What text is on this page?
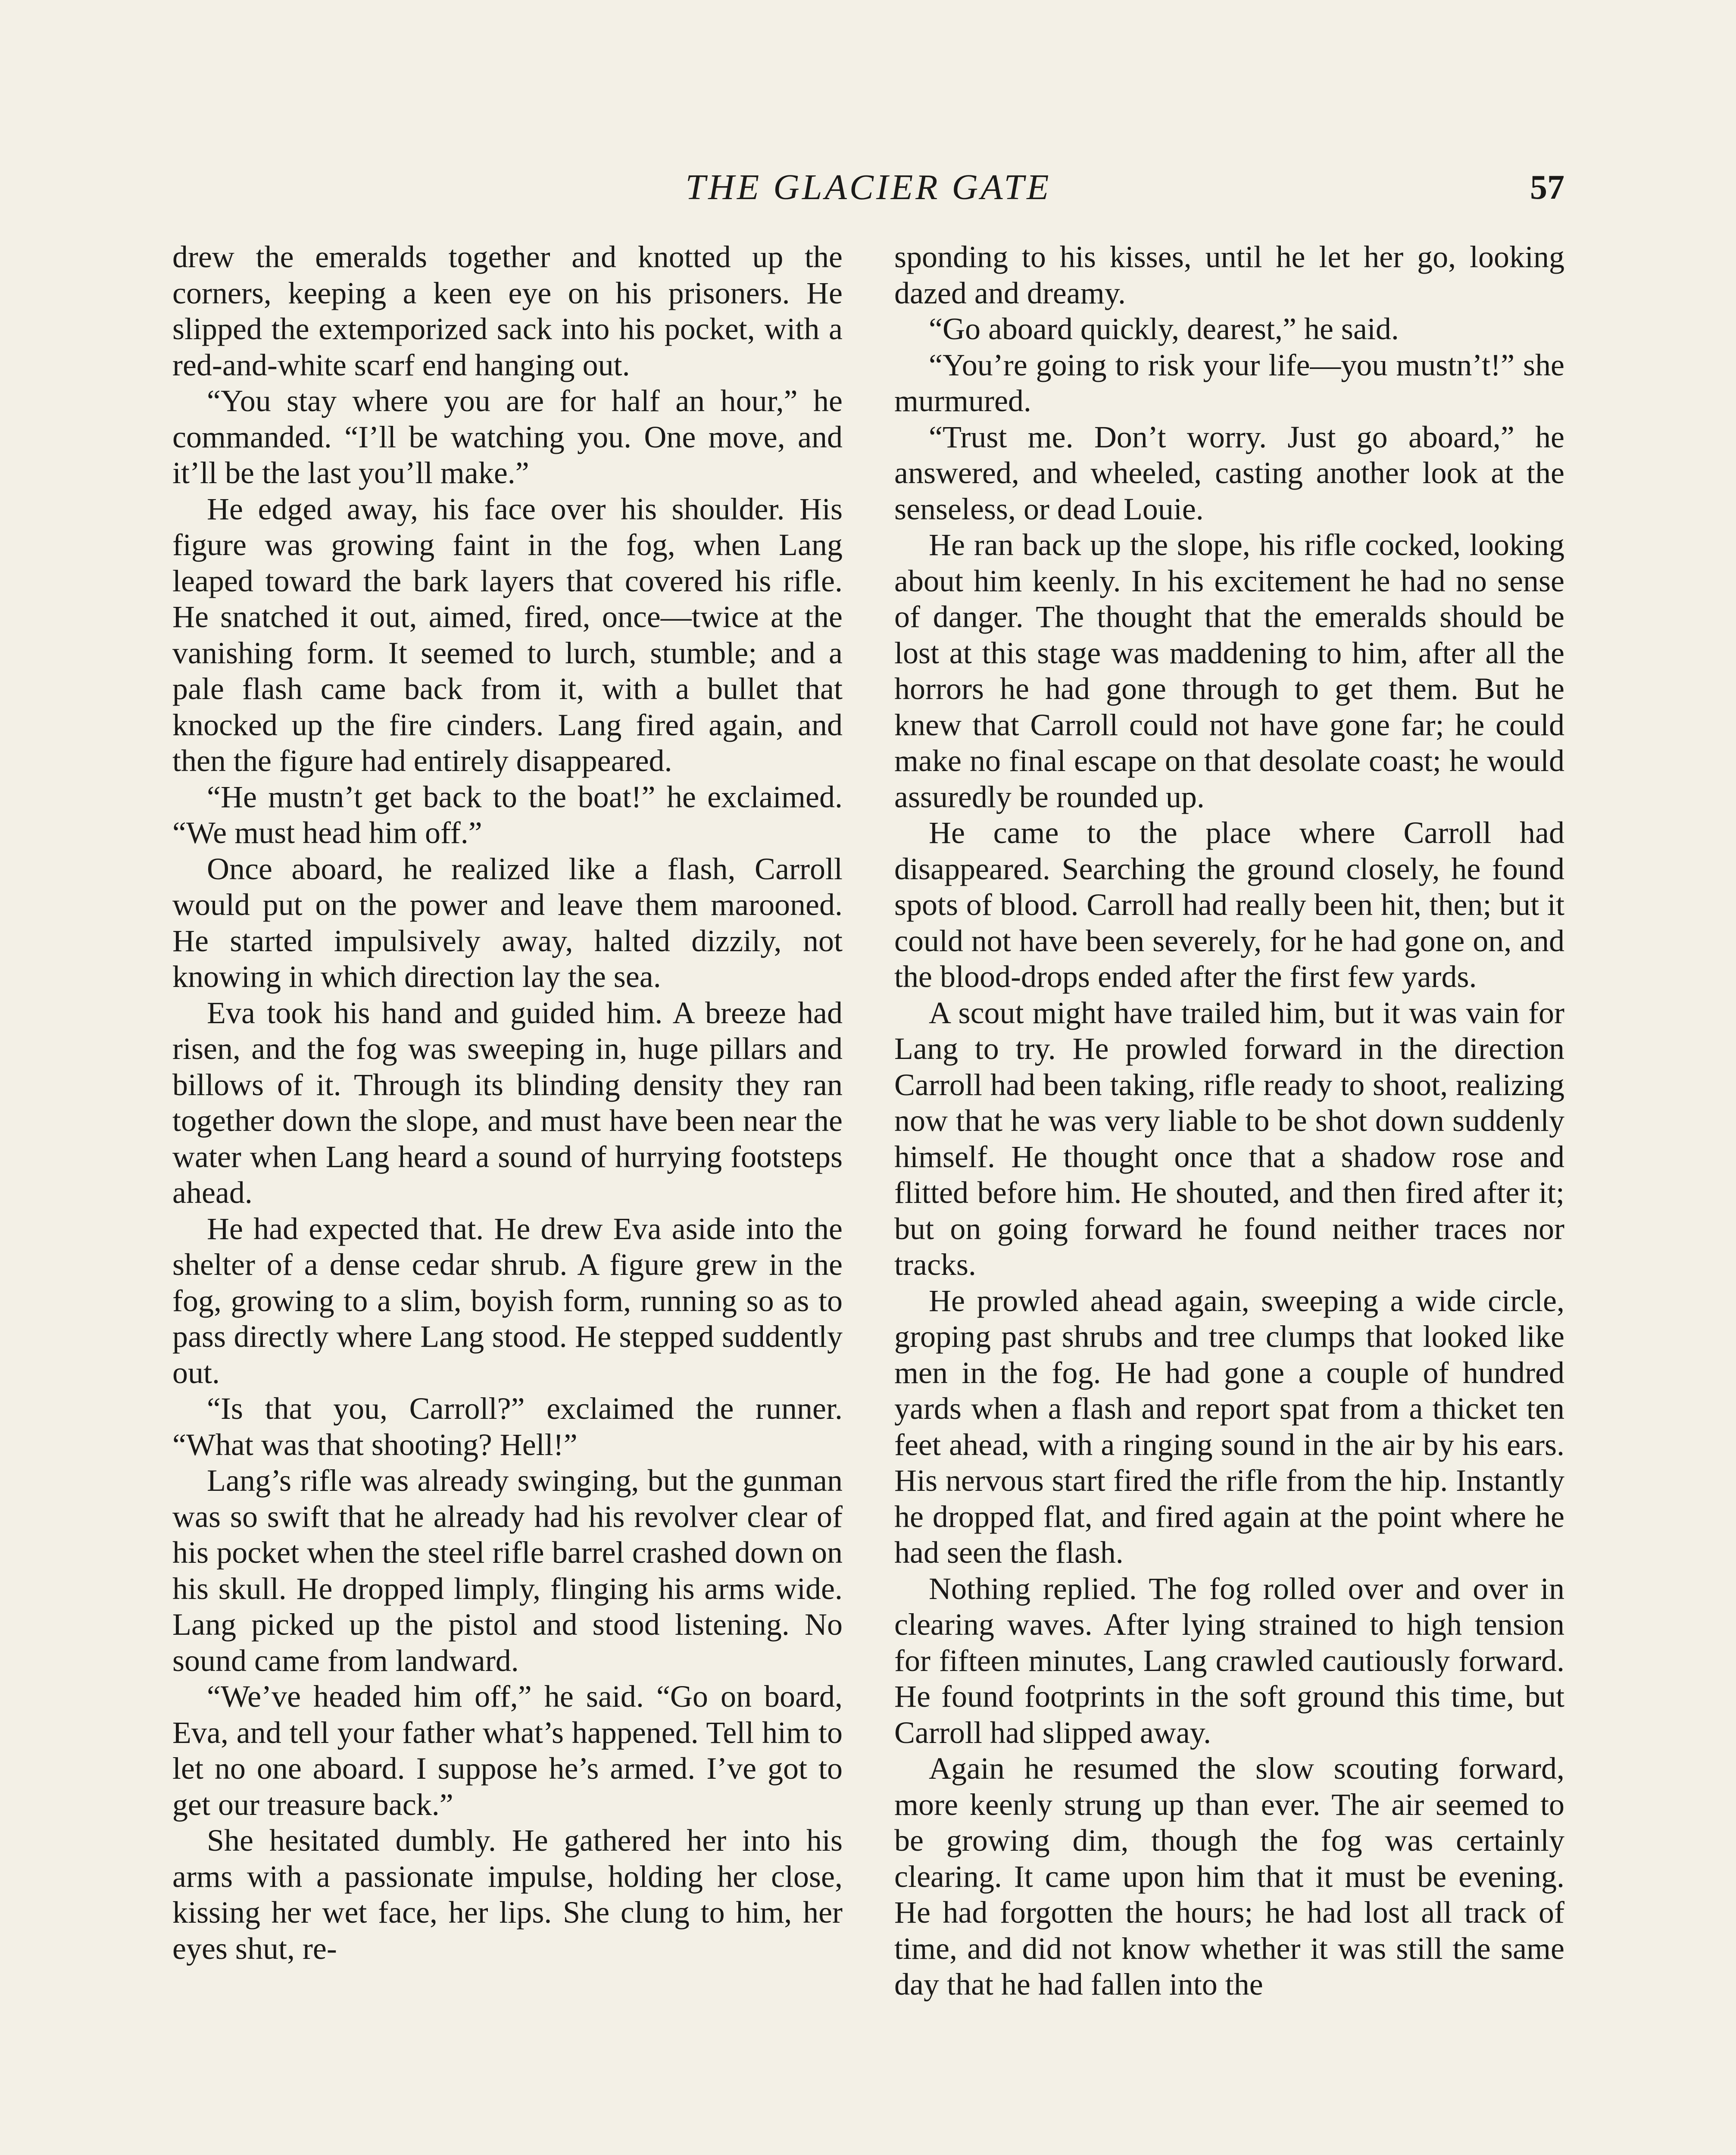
THE GLACIER GATE	57

drew the emeralds together and knotted up the corners, keeping a keen eye on his prisoners. He slipped the extemporized sack into his pocket, with a red-and-white scarf end hanging out.

“You stay where you are for half an hour,” he commanded. “I’ll be watching you. One move, and it’ll be the last you’ll make.”

He edged away, his face over his shoulder. His figure was growing faint in the fog, when Lang leaped toward the bark layers that covered his rifle. He snatched it out, aimed, fired, once—twice at the vanishing form. It seemed to lurch, stumble; and a pale flash came back from it, with a bullet that knocked up the fire cinders. Lang fired again, and then the figure had entirely disappeared.

“He mustn’t get back to the boat!” he exclaimed. “We must head him off.”

Once aboard, he realized like a flash, Carroll would put on the power and leave them marooned. He started impulsively away, halted dizzily, not knowing in which direction lay the sea.

Eva took his hand and guided him. A breeze had risen, and the fog was sweeping in, huge pillars and billows of it. Through its blinding density they ran together down the slope, and must have been near the water when Lang heard a sound of hurrying footsteps ahead.

He had expected that. He drew Eva aside into the shelter of a dense cedar shrub. A figure grew in the fog, growing to a slim, boyish form, running so as to pass directly where Lang stood. He stepped suddently out.

“Is that you, Carroll?” exclaimed the runner. “What was that shooting? Hell!”

Lang’s rifle was already swinging, but the gunman was so swift that he already had his revolver clear of his pocket when the steel rifle barrel crashed down on his skull. He dropped limply, flinging his arms wide. Lang picked up the pistol and stood listening. No sound came from landward.

“We’ve headed him off,” he said. “Go on board, Eva, and tell your father what’s happened. Tell him to let no one aboard. I suppose he’s armed. I’ve got to get our treasure back.”

She hesitated dumbly. He gathered her into his arms with a passionate impulse, holding her close, kissing her wet face, her lips. She clung to him, her eyes shut, re-

sponding to his kisses, until he let her go, looking dazed and dreamy.

“Go aboard quickly, dearest,” he said.

“You’re going to risk your life—you mustn’t!” she murmured.

“Trust me. Don’t worry. Just go aboard,” he answered, and wheeled, casting another look at the senseless, or dead Louie.

He ran back up the slope, his rifle cocked, looking about him keenly. In his excitement he had no sense of danger. The thought that the emeralds should be lost at this stage was maddening to him, after all the horrors he had gone through to get them. But he knew that Carroll could not have gone far; he could make no final escape on that desolate coast; he would assuredly be rounded up.

He came to the place where Carroll had disappeared. Searching the ground closely, he found spots of blood. Carroll had really been hit, then; but it could not have been severely, for he had gone on, and the blood-drops ended after the first few yards.

A scout might have trailed him, but it was vain for Lang to try. He prowled forward in the direction Carroll had been taking, rifle ready to shoot, realizing now that he was very liable to be shot down suddenly himself. He thought once that a shadow rose and flitted before him. He shouted, and then fired after it; but on going forward he found neither traces nor tracks.

He prowled ahead again, sweeping a wide circle, groping past shrubs and tree clumps that looked like men in the fog. He had gone a couple of hundred yards when a flash and report spat from a thicket ten feet ahead, with a ringing sound in the air by his ears. His nervous start fired the rifle from the hip. Instantly he dropped flat, and fired again at the point where he had seen the flash.

Nothing replied. The fog rolled over and over in clearing waves. After lying strained to high tension for fifteen minutes, Lang crawled cautiously forward. He found footprints in the soft ground this time, but Carroll had slipped away.

Again he resumed the slow scouting forward, more keenly strung up than ever. The air seemed to be growing dim, though the fog was certainly clearing. It came upon him that it must be evening. He had forgotten the hours; he had lost all track of time, and did not know whether it was still the same day that he had fallen into the
